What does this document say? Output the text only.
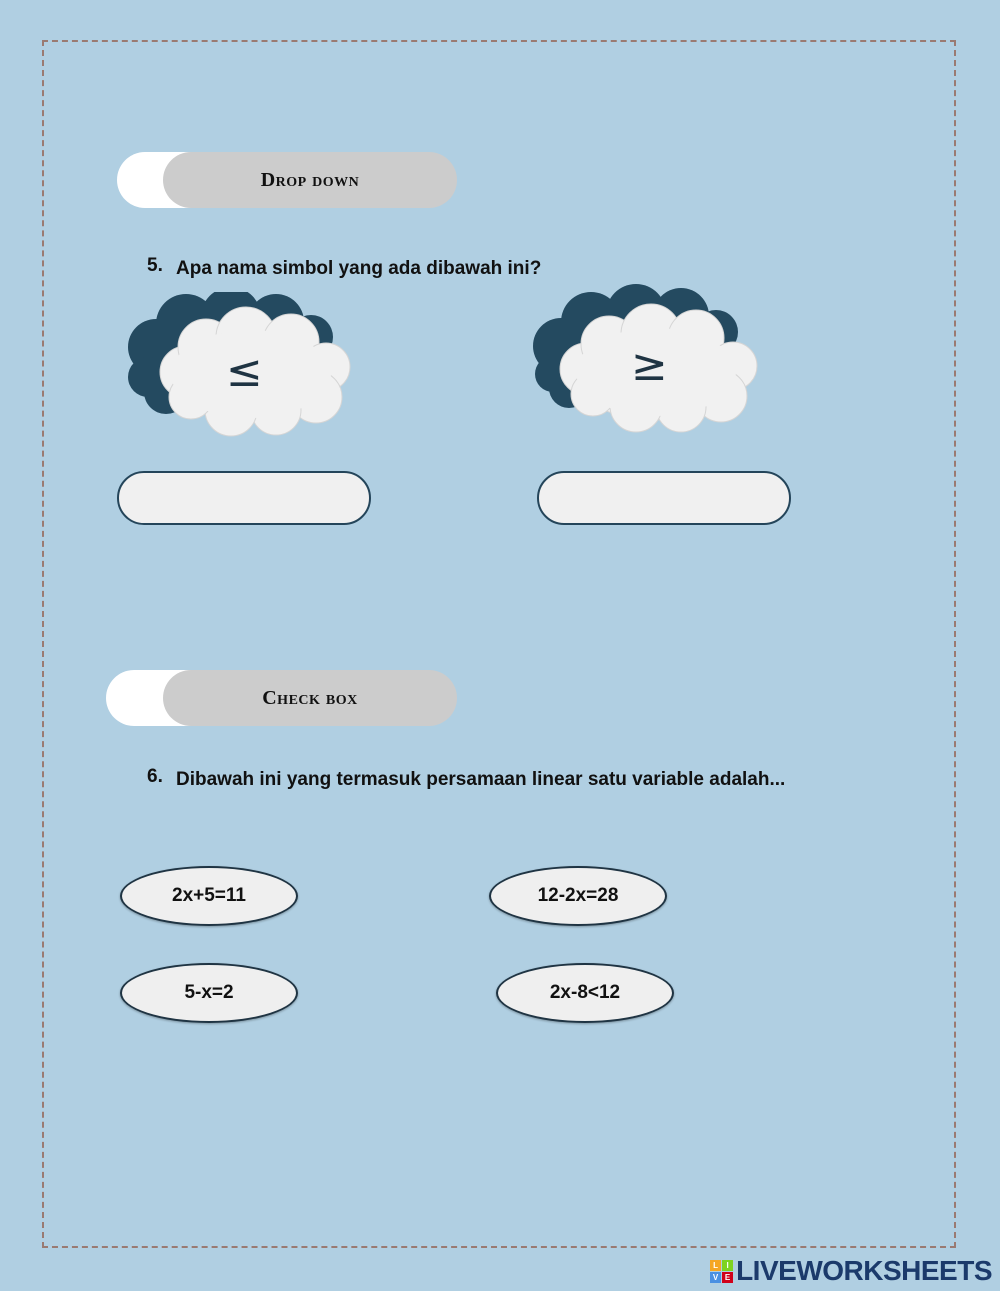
Drop down
5. Apa nama simbol yang ada dibawah ini?
≤	≥
Check box
6. Dibawah ini yang termasuk persamaan linear satu variable adalah...
2x+5=11	12-2x=28
5-x=2	2x-8<12
L	I
V E LIVEWORKSHEETS
